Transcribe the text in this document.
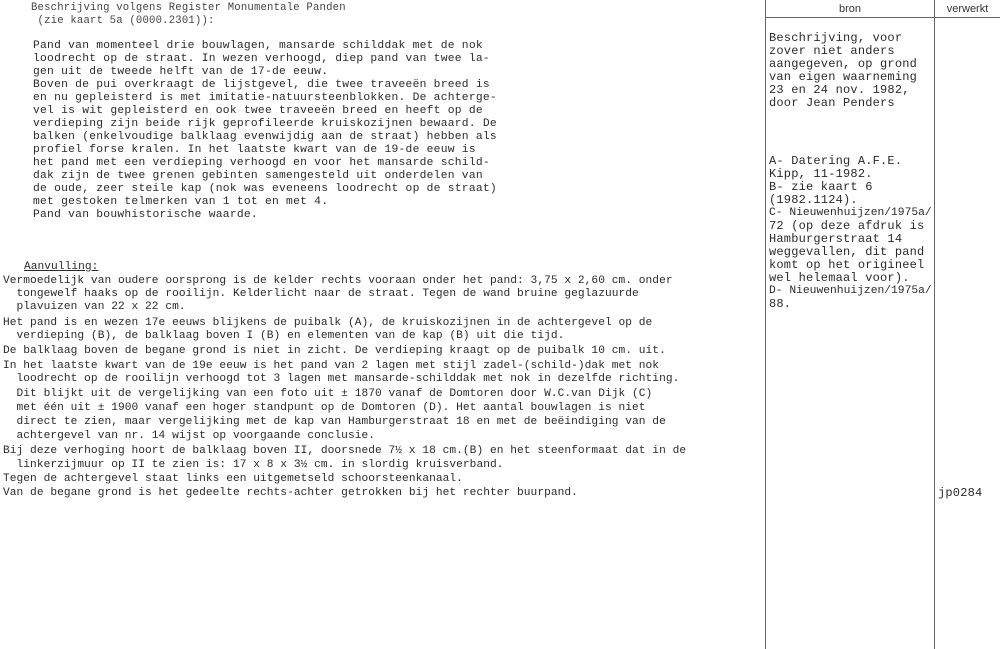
bron	verwerkt
Beschrijving volgens Register Monumentale Panden
(zie kaart 5a (0000.2301)):
Pand van momenteel drie bouwlagen, mansarde schilddak met de nok
loodrecht op de straat. In wezen verhoogd, diep pand van twee la-
gen uit de tweede helft van de 17-de eeuw.
Boven de pui overkraagt de lijstgevel, die twee traveeën breed is
en nu gepleisterd is met imitatie-natuursteenblokken. De achterge-
vel is wit gepleisterd en ook twee traveeën breed en heeft op de
verdieping zijn beide rijk geprofileerde kruiskozijnen bewaard. De
balken (enkelvoudige balklaag evenwijdig aan de straat) hebben als
profiel forse kralen. In het laatste kwart van de 19-de eeuw is
het pand met een verdieping verhoogd en voor het mansarde schild-
dak zijn de twee grenen gebinten samengesteld uit onderdelen van
de oude, zeer steile kap (nok was eveneens loodrecht op de straat)
met gestoken telmerken van 1 tot en met 4.
Pand van bouwhistorische waarde.
Aanvulling:
Vermoedelijk van oudere oorsprong is de kelder rechts vooraan onder het pand: 3,75 x 2,60 cm. onder
tongewelf haaks op de rooilijn. Kelderlicht naar de straat. Tegen de wand bruine geglazuurde
plavuizen van 22 x 22 cm.
Het pand is en wezen 17e eeuws blijkens de puibalk (A), de kruiskozijnen in de achtergevel op de
verdieping (B), de balklaag boven I (B) en elementen van de kap (B) uit die tijd.
De balklaag boven de begane grond is niet in zicht. De verdieping kraagt op de puibalk 10 cm. uit.
In het laatste kwart van de 19e eeuw is het pand van 2 lagen met stijl zadel-(schild-)dak met nok
loodrecht op de rooilijn verhoogd tot 3 lagen met mansarde-schilddak met nok in dezelfde richting.
Dit blijkt uit de vergelijking van een foto uit ± 1870 vanaf de Domtoren door W.C.van Dijk (C)
met één uit ± 1900 vanaf een hoger standpunt op de Domtoren (D). Het aantal bouwlagen is niet
direct te zien, maar vergelijking met de kap van Hamburgerstraat 18 en met de beëindiging van de
achtergevel van nr. 14 wijst op voorgaande conclusie.
Bij deze verhoging hoort de balklaag boven II, doorsnede 7½ x 18 cm.(B) en het steenformaat dat in de
linkerzijmuur op II te zien is: 17 x 8 x 3½ cm. in slordig kruisverband.
Tegen de achtergevel staat links een uitgemetseld schoorsteenkanaal.
Van de begane grond is het gedeelte rechts-achter getrokken bij het rechter buurpand.
Beschrijving, voor
zover niet anders
aangegeven, op grond
van eigen waarneming
23 en 24 nov. 1982,
door Jean Penders
A- Datering A.F.E.
Kipp, 11-1982.
B- zie kaart 6
(1982.1124).
C- Nieuwenhuijzen/1975a/
72 (op deze afdruk is
Hamburgerstraat 14
weggevallen, dit pand
komt op het origineel
wel helemaal voor).
D- Nieuwenhuijzen/1975a/
88.
jp0284
